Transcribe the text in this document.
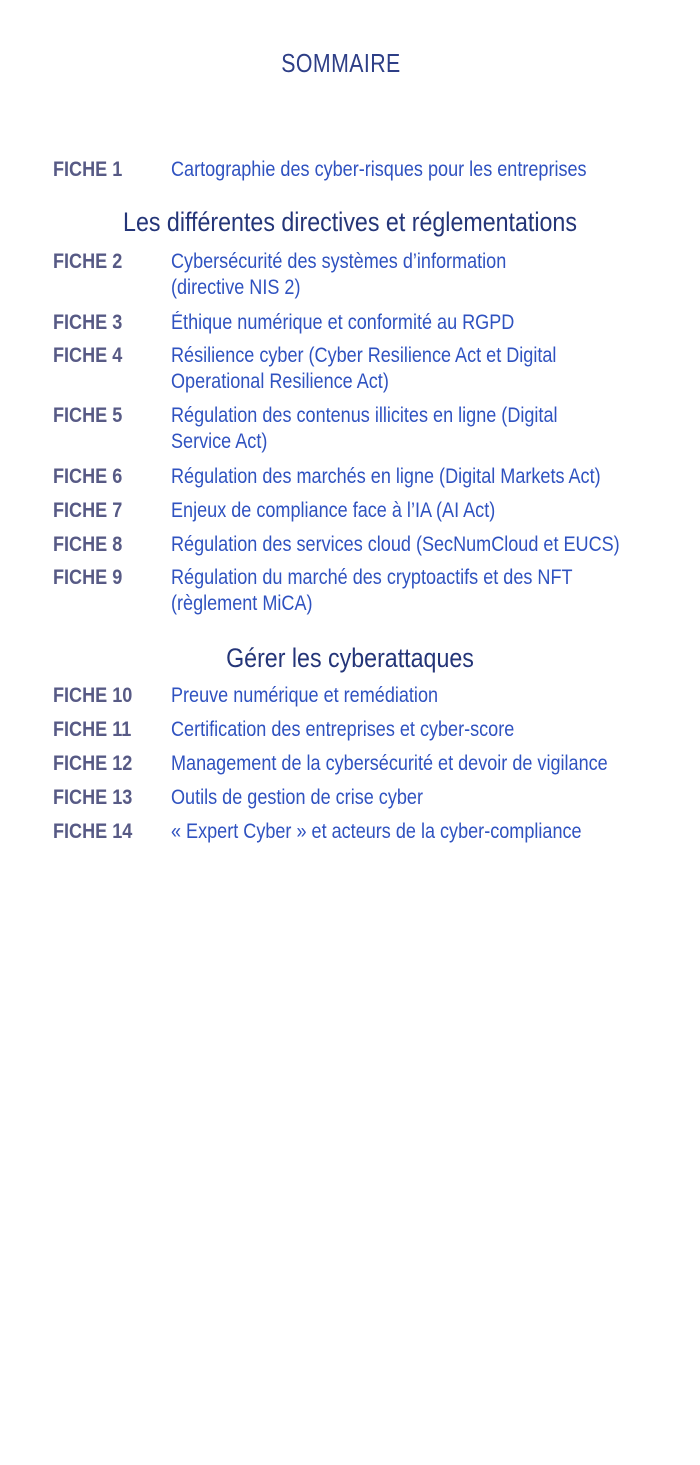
SOMMAIRE
FICHE 1	Cartographie des cyber-risques pour les entreprises
Les différentes directives et réglementations
FICHE 2	Cybersécurité des systèmes d’information
(directive NIS 2)
FICHE 3	Éthique numérique et conformité au RGPD
FICHE 4	Résilience cyber (Cyber Resilience Act et Digital
Operational Resilience Act)
FICHE 5	Régulation des contenus illicites en ligne (Digital
Service Act)
FICHE 6	Régulation des marchés en ligne (Digital Markets Act)
FICHE 7	Enjeux de compliance face à l’IA (AI Act)
FICHE 8	Régulation des services cloud (SecNumCloud et EUCS)
FICHE 9	Régulation du marché des cryptoactifs et des NFT
(règlement MiCA)
Gérer les cyberattaques
FICHE 10	Preuve numérique et remédiation
FICHE 11	Certification des entreprises et cyber-score
FICHE 12	Management de la cybersécurité et devoir de vigilance
FICHE 13	Outils de gestion de crise cyber
FICHE 14	« Expert Cyber » et acteurs de la cyber-compliance
